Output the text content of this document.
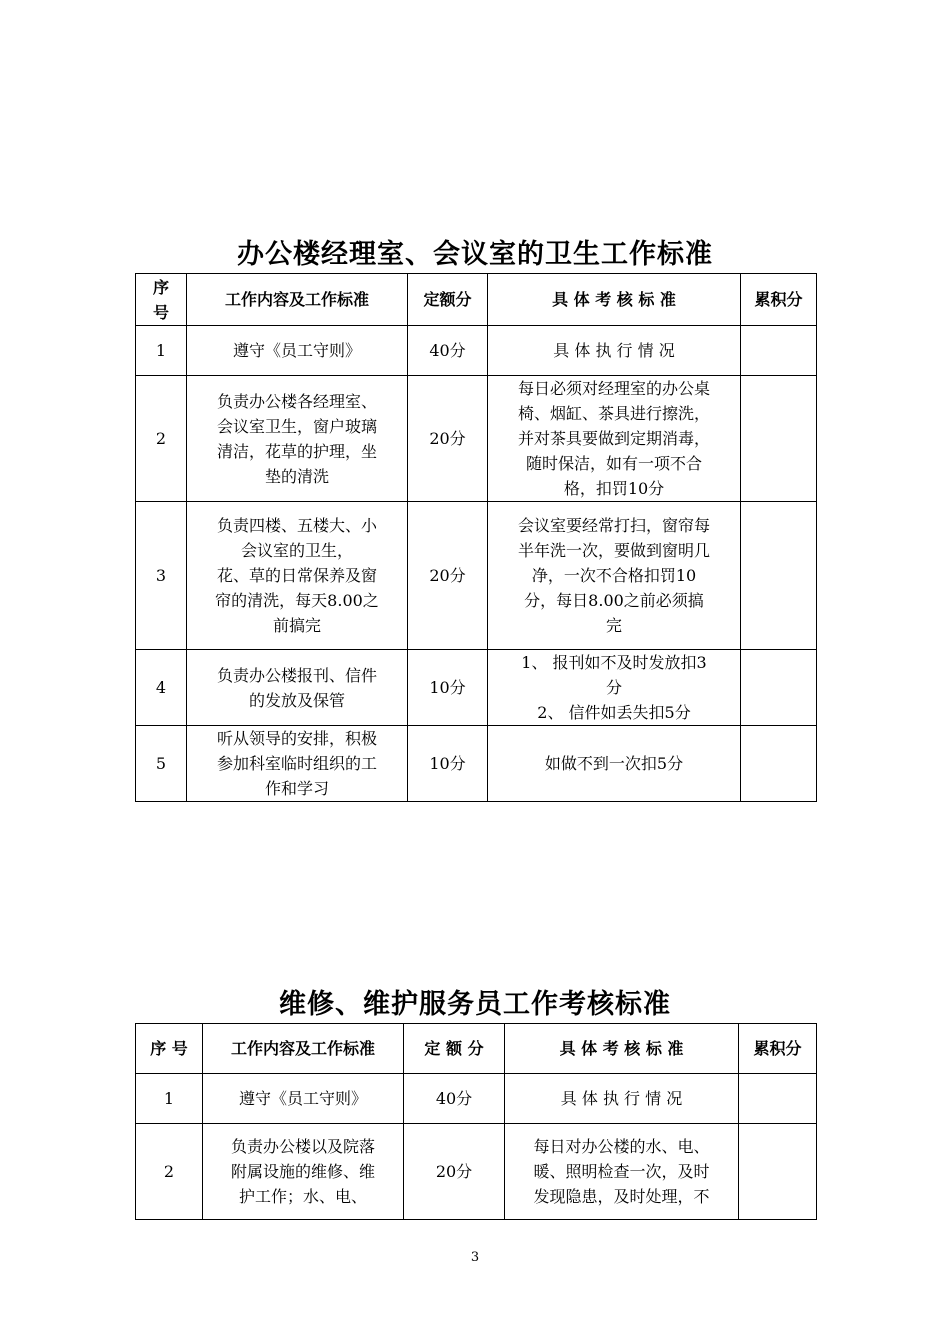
办公楼经理室、会议室的卫生工作标准
序
号	工作内容及工作标准	定额分	具 体 考 核 标 准	累积分
1	遵守《员工守则》	40分	具 体 执 行 情 况	
2	负责办公楼各经理室、
会议室卫生，窗户玻璃
清洁，花草的护理，坐
垫的清洗	20分	每日必须对经理室的办公桌
椅、烟缸、茶具进行擦洗，
并对茶具要做到定期消毒，
随时保洁，如有一项不合
格，扣罚10分	
3	负责四楼、五楼大、小
会议室的卫生，
花、草的日常保养及窗
帘的清洗，每天8.00之
前搞完	20分	会议室要经常打扫，窗帘每
半年洗一次，要做到窗明几
净，一次不合格扣罚10
分，每日8.00之前必须搞
完	
4	负责办公楼报刊、信件
的发放及保管	10分	1、 报刊如不及时发放扣3
分
2、 信件如丢失扣5分	
5	听从领导的安排，积极
参加科室临时组织的工
作和学习	10分	如做不到一次扣5分	
维修、维护服务员工作考核标准
序 号	工作内容及工作标准	定 额 分	具 体 考 核 标 准	累积分
1	遵守《员工守则》	40分	具 体 执 行 情 况	
2	负责办公楼以及院落
附属设施的维修、维
护工作；水、电、	20分	每日对办公楼的水、电、
暖、照明检查一次，及时
发现隐患，及时处理，不	
3
